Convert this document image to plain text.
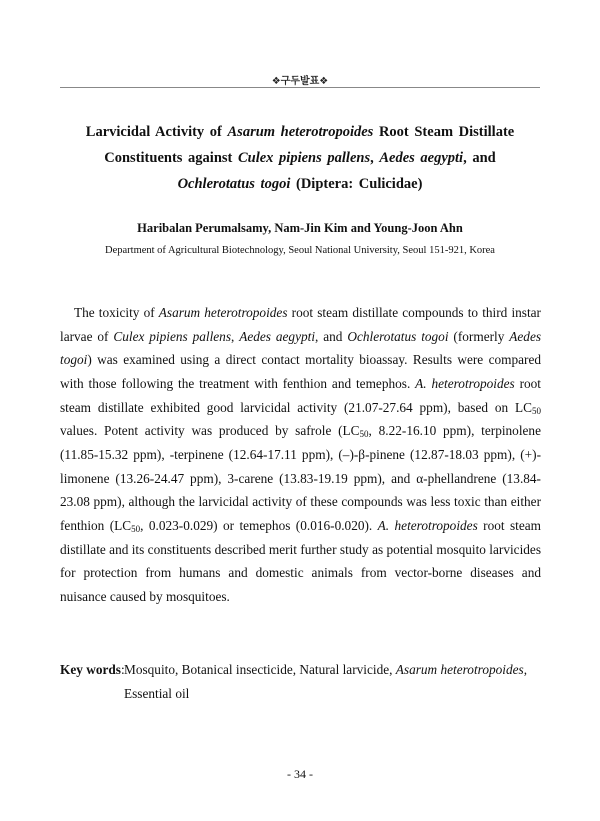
❖구두발표❖
Larvicidal Activity of Asarum heterotropoides Root Steam Distillate Constituents against Culex pipiens pallens, Aedes aegypti, and
Ochlerotatus togoi (Diptera: Culicidae)
Haribalan Perumalsamy, Nam-Jin Kim and Young-Joon Ahn
Department of Agricultural Biotechnology, Seoul National University, Seoul 151-921, Korea

The toxicity of Asarum heterotropoides root steam distillate compounds to third instar larvae of Culex pipiens pallens, Aedes aegypti, and Ochlerotatus togoi (formerly Aedes togoi) was examined using a direct contact mortality bioassay. Results were compared with those following the treatment with fenthion and temephos. A. heterotropoides root steam distillate exhibited good larvicidal activity (21.07-27.64 ppm), based on $LC_{50}$ values. Potent activity was produced by safrole ($LC_{50}$, 8.22-16.10 ppm), terpinolene (11.85-15.32 ppm), -terpinene (12.64-17.11 ppm), (–)-β-pinene (12.87-18.03 ppm), (+)-limonene (13.26-24.47 ppm), 3-carene (13.83-19.19 ppm), and α-phellandrene (13.84-23.08 ppm), although the larvicidal activity of these compounds was less toxic than either fenthion ($LC_{50}$, 0.023-0.029) or temephos (0.016-0.020). A. heterotropoides root steam distillate and its constituents described merit further study as potential mosquito larvicides for protection from humans and domestic animals from vector-borne diseases and nuisance caused by mosquitoes.

Key words: Mosquito, Botanical insecticide, Natural larvicide, Asarum heterotropoides, Essential oil
- 34 -
